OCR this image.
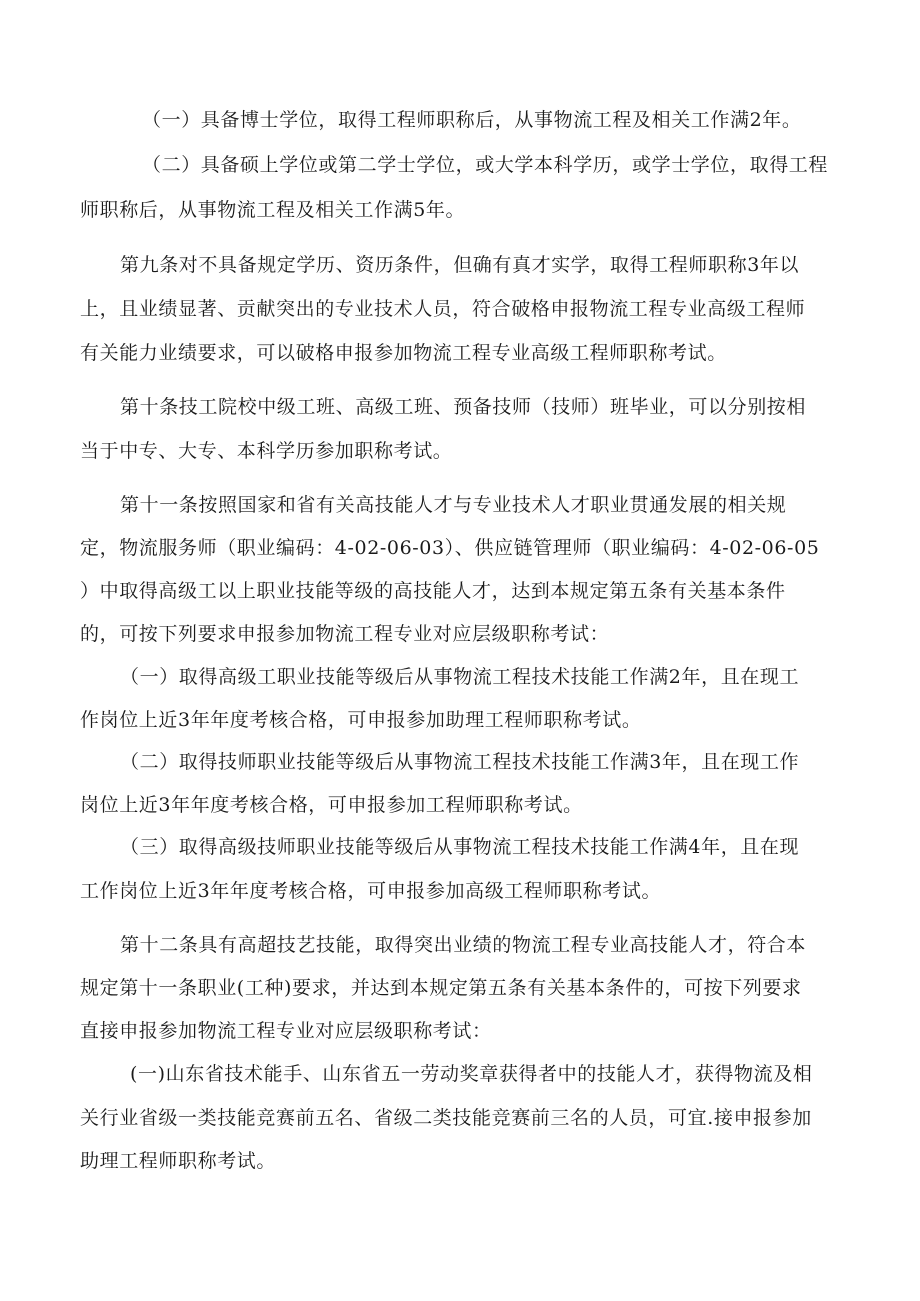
（一）具备博士学位，取得工程师职称后，从事物流工程及相关工作满2年。
（二）具备硕上学位或第二学士学位，或大学本科学历，或学士学位，取得工程
师职称后，从事物流工程及相关工作满5年。
第九条对不具备规定学历、资历条件，但确有真才实学，取得工程师职称3年以
上，且业绩显著、贡献突出的专业技术人员，符合破格申报物流工程专业高级工程师
有关能力业绩要求，可以破格申报参加物流工程专业高级工程师职称考试。
第十条技工院校中级工班、高级工班、预备技师（技师）班毕业，可以分别按相
当于中专、大专、本科学历参加职称考试。
第十一条按照国家和省有关高技能人才与专业技术人才职业贯通发展的相关规
定，物流服务师（职业编码：4-02-06-03）、供应链管理师（职业编码：4-02-06-05
）中取得高级工以上职业技能等级的高技能人才，达到本规定第五条有关基本条件
的，可按下列要求申报参加物流工程专业对应层级职称考试：
（一）取得高级工职业技能等级后从事物流工程技术技能工作满2年，且在现工
作岗位上近3年年度考核合格，可申报参加助理工程师职称考试。
（二）取得技师职业技能等级后从事物流工程技术技能工作满3年，且在现工作
岗位上近3年年度考核合格，可申报参加工程师职称考试。
（三）取得高级技师职业技能等级后从事物流工程技术技能工作满4年，且在现
工作岗位上近3年年度考核合格，可申报参加高级工程师职称考试。
第十二条具有高超技艺技能，取得突出业绩的物流工程专业高技能人才，符合本
规定第十一条职业(工种)要求，并达到本规定第五条有关基本条件的，可按下列要求
直接申报参加物流工程专业对应层级职称考试：
(一)山东省技术能手、山东省五一劳动奖章获得者中的技能人才，获得物流及相
关行业省级一类技能竞赛前五名、省级二类技能竞赛前三名的人员，可宜.接申报参加
助理工程师职称考试。
